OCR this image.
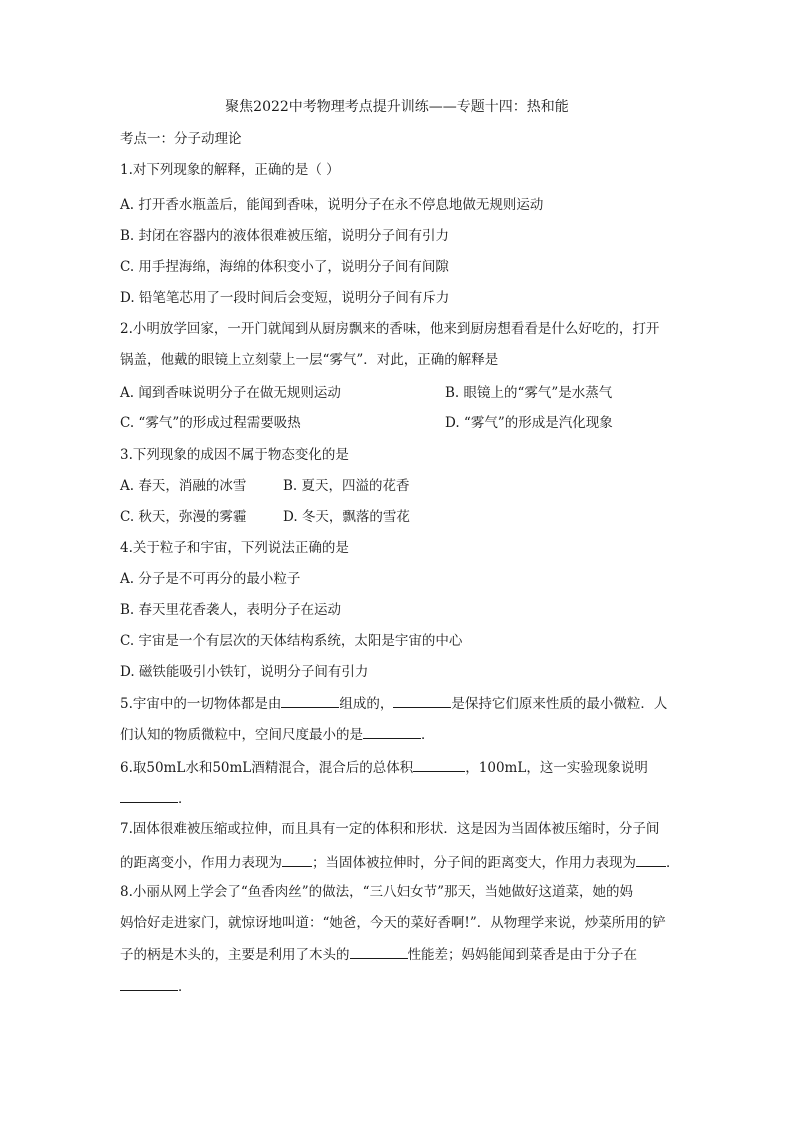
聚焦2022中考物理考点提升训练——专题十四：热和能
考点一：分子动理论
1.对下列现象的解释，正确的是（ ）
A. 打开香水瓶盖后，能闻到香味，说明分子在永不停息地做无规则运动
B. 封闭在容器内的液体很难被压缩，说明分子间有引力
C. 用手捏海绵，海绵的体积变小了，说明分子间有间隙
D. 铅笔笔芯用了一段时间后会变短，说明分子间有斥力
2.小明放学回家，一开门就闻到从厨房飘来的香味，他来到厨房想看看是什么好吃的，打开
锅盖，他戴的眼镜上立刻蒙上一层“雾气”．对此，正确的解释是
A. 闻到香味说明分子在做无规则运动	B. 眼镜上的“雾气”是水蒸气
C. “雾气”的形成过程需要吸热	D. “雾气”的形成是汽化现象
3.下列现象的成因不属于物态变化的是
A. 春天，消融的冰雪	B. 夏天，四溢的花香
C. 秋天，弥漫的雾霾	D. 冬天，飘落的雪花
4.关于粒子和宇宙，下列说法正确的是
A. 分子是不可再分的最小粒子
B. 春天里花香袭人，表明分子在运动
C. 宇宙是一个有层次的天体结构系统，太阳是宇宙的中心
D. 磁铁能吸引小铁钉，说明分子间有引力
5.宇宙中的一切物体都是由	组成的，	是保持它们原来性质的最小微粒．人
们认知的物质微粒中，空间尺度最小的是	．
6.取50mL水和50mL酒精混合，混合后的总体积	，100mL，这一实验现象说明
．
7.固体很难被压缩或拉伸，而且具有一定的体积和形状．这是因为当固体被压缩时，分子间
的距离变小，作用力表现为 ；当固体被拉伸时，分子间的距离变大，作用力表现为 ．
8.小丽从网上学会了“鱼香肉丝”的做法，“三八妇女节”那天，当她做好这道菜，她的妈
妈恰好走进家门，就惊讶地叫道：“她爸，今天的菜好香啊!”．从物理学来说，炒菜所用的铲
子的柄是木头的，主要是利用了木头的	性能差；妈妈能闻到菜香是由于分子在
．
